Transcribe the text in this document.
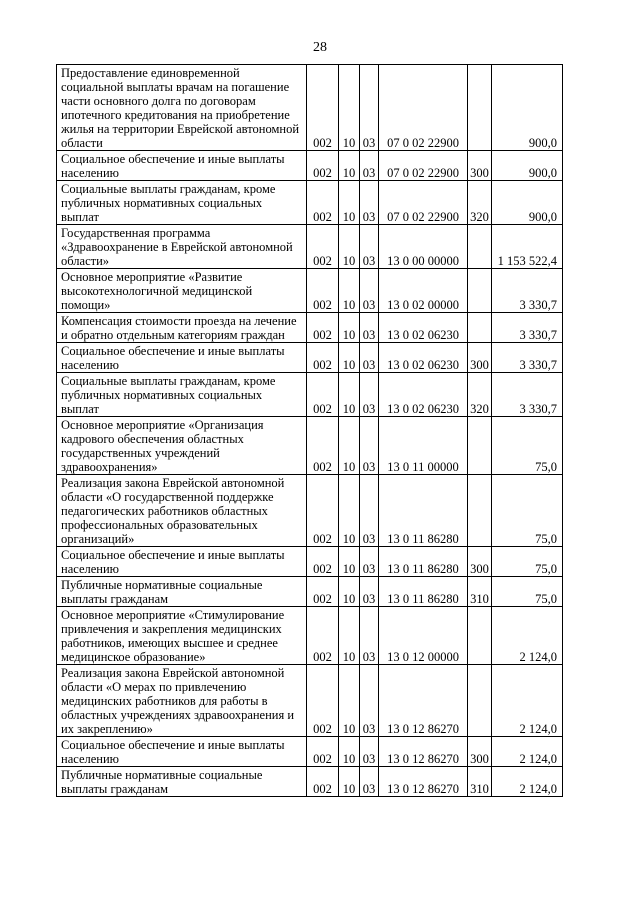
28
Предоставление единовременной социальной выплаты врачам на погашение части основного долга по договорам ипотечного кредитования на приобретение жилья на территории Еврейской автономной области	002	10	03	07 0 02 22900		900,0
Социальное обеспечение и иные выплаты населению	002	10	03	07 0 02 22900	300	900,0
Социальные выплаты гражданам, кроме публичных нормативных социальных выплат	002	10	03	07 0 02 22900	320	900,0
Государственная программа «Здравоохранение в Еврейской автономной области»	002	10	03	13 0 00 00000		1 153 522,4
Основное мероприятие «Развитие высокотехнологичной медицинской помощи»	002	10	03	13 0 02 00000		3 330,7
Компенсация стоимости проезда на лечение и обратно отдельным категориям граждан	002	10	03	13 0 02 06230		3 330,7
Социальное обеспечение и иные выплаты населению	002	10	03	13 0 02 06230	300	3 330,7
Социальные выплаты гражданам, кроме публичных нормативных социальных выплат	002	10	03	13 0 02 06230	320	3 330,7
Основное мероприятие «Организация кадрового обеспечения областных государственных учреждений здравоохранения»	002	10	03	13 0 11 00000		75,0
Реализация закона Еврейской автономной области «О государственной поддержке педагогических работников областных профессиональных образовательных организаций»	002	10	03	13 0 11 86280		75,0
Социальное обеспечение и иные выплаты населению	002	10	03	13 0 11 86280	300	75,0
Публичные нормативные социальные выплаты гражданам	002	10	03	13 0 11 86280	310	75,0
Основное мероприятие «Стимулирование привлечения и закрепления медицинских работников, имеющих высшее и среднее медицинское образование»	002	10	03	13 0 12 00000		2 124,0
Реализация закона Еврейской автономной области «О мерах по привлечению медицинских работников для работы в областных учреждениях здравоохранения и их закреплению»	002	10	03	13 0 12 86270		2 124,0
Социальное обеспечение и иные выплаты населению	002	10	03	13 0 12 86270	300	2 124,0
Публичные нормативные социальные выплаты гражданам	002	10	03	13 0 12 86270	310	2 124,0
